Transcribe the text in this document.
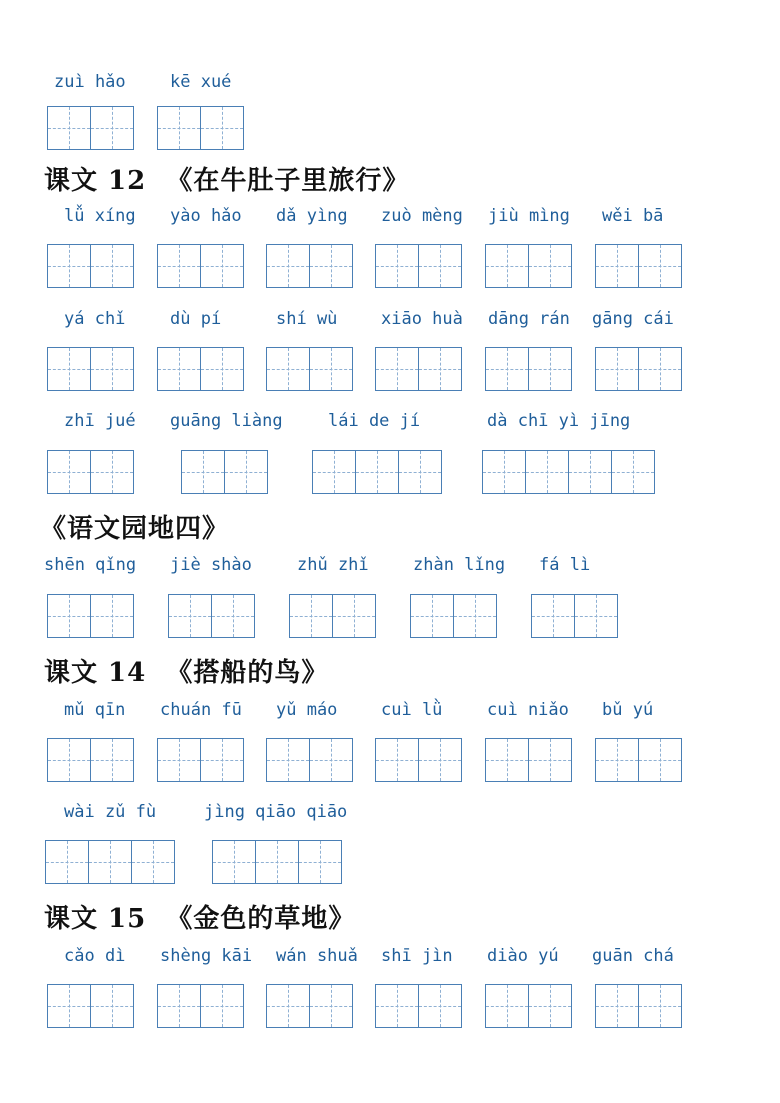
zuì hǎo	kē xué
课文 12  《在牛肚子里旅行》
lǚ xíng yào hǎo dǎ yìng zuò mèng jiù mìng wěi bā
yá chǐ	dù pí	shí wù	xiāo huà dāng rán gāng cái
zhī jué guāng liàng	lái de jí	dà chī yì jīng
《语文园地四》
shēn qǐng jiè shào	zhǔ zhǐ	zhàn lǐng fá lì
课文 14  《搭船的鸟》
mǔ qīn chuán fū yǔ máo	cuì lǜ	cuì niǎo bǔ yú
wài zǔ fù	jìng qiāo qiāo
课文 15  《金色的草地》
cǎo dì shèng kāi wán shuǎ shī jìn diào yú guān chá
